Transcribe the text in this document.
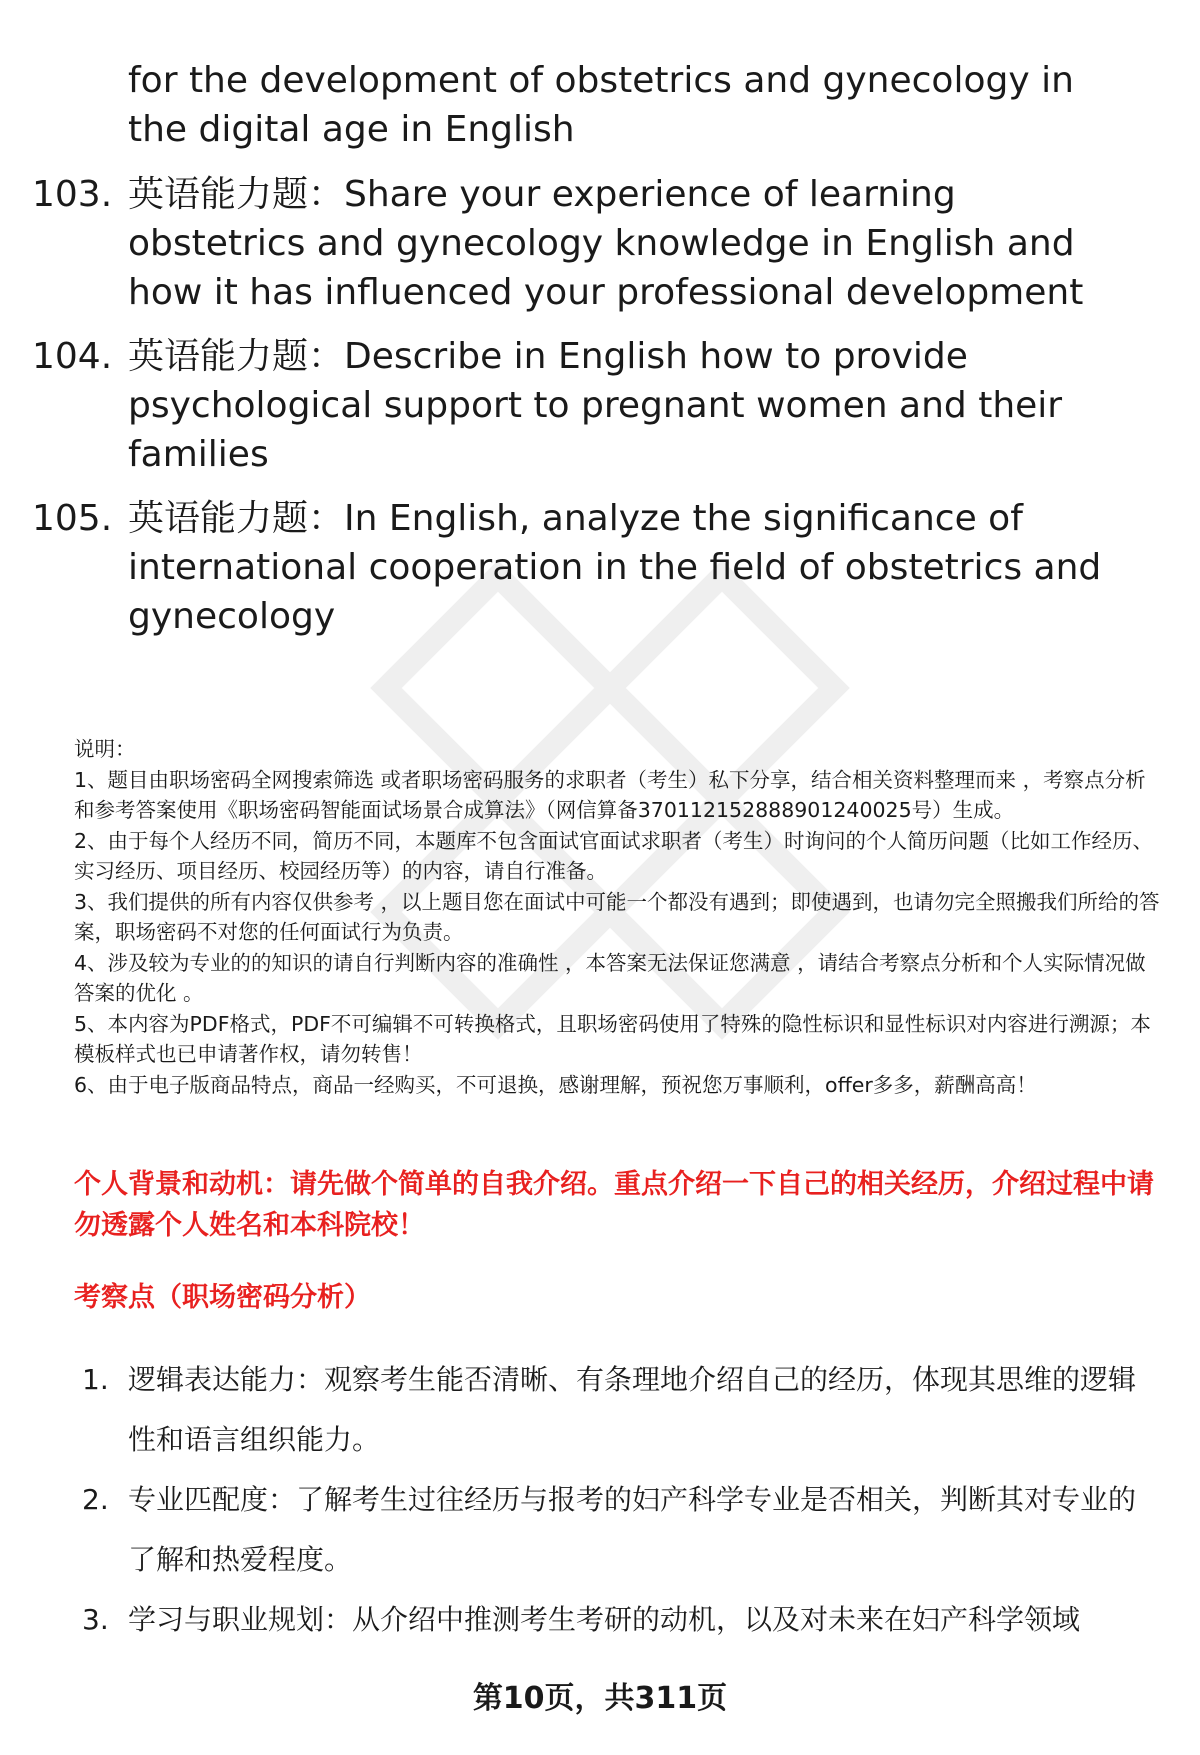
for the development of obstetrics and gynecology in the digital age in English
103. 英语能力题：Share your experience of learning obstetrics and gynecology knowledge in English and how it has influenced your professional development
104. 英语能力题：Describe in English how to provide psychological support to pregnant women and their families
105. 英语能力题：In English, analyze the significance of international cooperation in the field of obstetrics and gynecology

说明：

1、题目由职场密码全网搜索筛选 或者职场密码服务的求职者（考生）私下分享，结合相关资料整理而来 ，考察点分析和参考答案使用《职场密码智能面试场景合成算法》（网信算备370112152888901240025号）生成。

2、由于每个人经历不同，简历不同，本题库不包含面试官面试求职者（考生）时询问的个人简历问题（比如工作经历、实习经历、项目经历、校园经历等）的内容，请自行准备。

3、我们提供的所有内容仅供参考 ，以上题目您在面试中可能一个都没有遇到；即使遇到，也请勿完全照搬我们所给的答案，职场密码不对您的任何面试行为负责。

4、涉及较为专业的的知识的请自行判断内容的准确性 ，本答案无法保证您满意 ，请结合考察点分析和个人实际情况做答案的优化 。

5、本内容为PDF格式，PDF不可编辑不可转换格式，且职场密码使用了特殊的隐性标识和显性标识对内容进行溯源；本模板样式也已申请著作权，请勿转售！

6、由于电子版商品特点，商品一经购买，不可退换，感谢理解，预祝您万事顺利，offer多多，薪酬高高！

个人背景和动机：请先做个简单的自我介绍。重点介绍一下自己的相关经历，介绍过程中请勿透露个人姓名和本科院校！
考察点（职场密码分析）
1. 逻辑表达能力：观察考生能否清晰、有条理地介绍自己的经历，体现其思维的逻辑性和语言组织能力。
2. 专业匹配度：了解考生过往经历与报考的妇产科学专业是否相关，判断其对专业的了解和热爱程度。
3. 学习与职业规划：从介绍中推测考生考研的动机，以及对未来在妇产科学领域
第10页，共311页
